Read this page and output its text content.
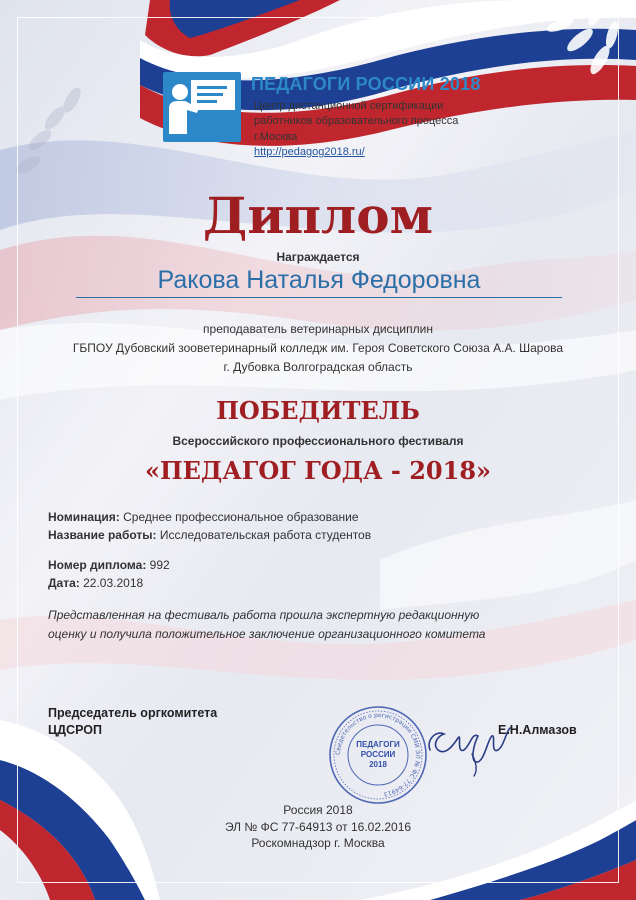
ПЕДАГОГИ РОССИИ 2018
Центр дистанционной сертификации
работников образовательного процесса
г.Москва
http://pedagog2018.ru/
Диплом
Награждается
Ракова Наталья Федоровна
преподаватель ветеринарных дисциплин
ГБПОУ Дубовский зооветеринарный колледж им. Героя Советского Союза А.А. Шарова
г. Дубовка Волгоградская область
ПОБЕДИТЕЛЬ
Всероссийского профессионального фестиваля
«ПЕДАГОГ ГОДА - 2018»
Номинация: Среднее профессиональное образование
Название работы: Исследовательская работа студентов
Номер диплома: 992
Дата: 22.03.2018
Представленная на фестиваль работа прошла экспертную редакционную
оценку и получила положительное заключение организационного комитета
Председатель оргкомитета
ЦДСРОП
Свидетельство о регистрации СМИ ЭЛ № ФС 77-64913
ПЕДАГОГИ
РОССИИ
2018
Е.Н.Алмазов
Россия 2018
ЭЛ № ФС 77-64913 от 16.02.2016
Роскомнадзор г. Москва
